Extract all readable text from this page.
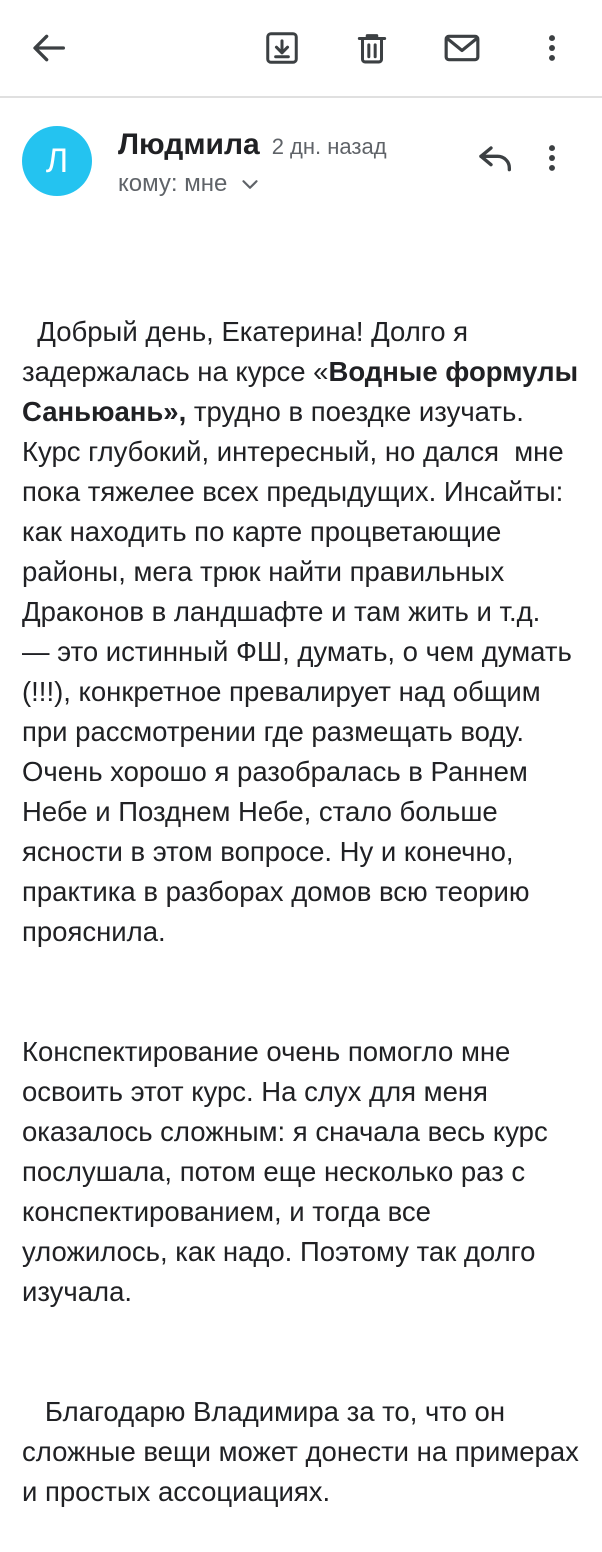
Л	Людмила 2 дн. назад
кому: мне

Добрый день, Екатерина! Долго я задержалась на курсе «Водные формулы Саньюань», трудно в поездке изучать. Курс глубокий, интересный, но дался  мне пока тяжелее всех предыдущих. Инсайты: как находить по карте процветающие районы, мега трюк найти правильных Драконов в ландшафте и там жить и т.д.  — это истинный ФШ, думать, о чем думать (!!!), конкретное превалирует над общим при рассмотрении где размещать воду. Очень хорошо я разобралась в Раннем Небе и Позднем Небе, стало больше ясности в этом вопросе. Ну и конечно, практика в разборах домов всю теорию прояснила.

Конспектирование очень помогло мне освоить этот курс. На слух для меня оказалось сложным: я сначала весь курс послушала, потом еще несколько раз с конспектированием, и тогда все уложилось, как надо. Поэтому так долго изучала.

Благодарю Владимира за то, что он сложные вещи может донести на примерах и простых ассоциациях.
